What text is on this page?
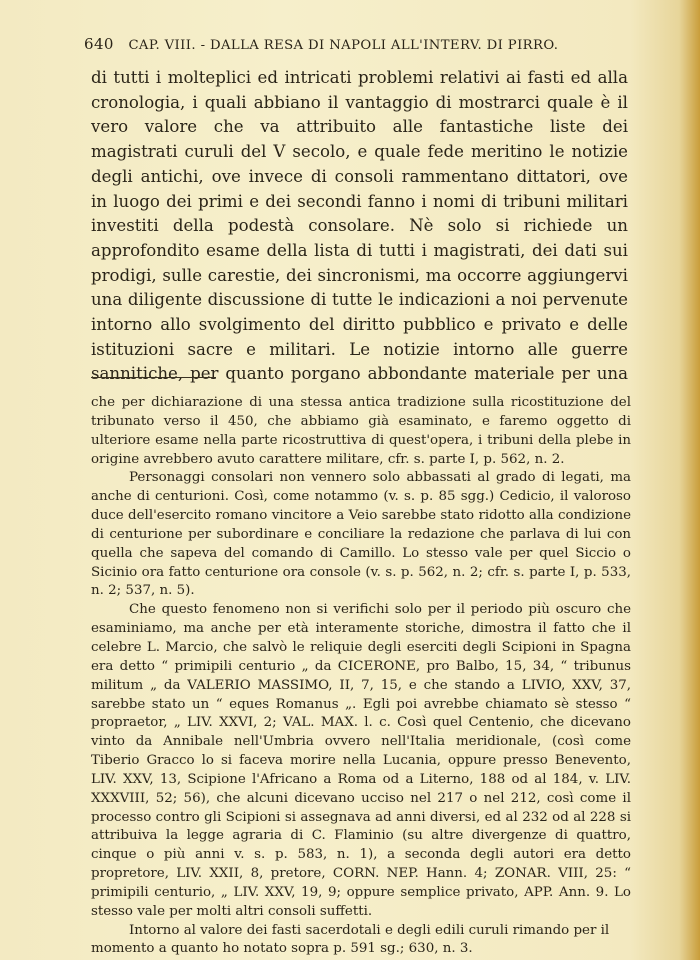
640 CAP. VIII. - DALLA RESA DI NAPOLI ALL'INTERV. DI PIRRO.

di tutti i molteplici ed intricati problemi relativi ai fasti ed alla cronologia, i quali abbiano il vantaggio di mostrarci quale è il vero valore che va attribuito alle fantastiche liste dei magistrati curuli del V secolo, e quale fede meritino le notizie degli antichi, ove invece di consoli rammentano dittatori, ove in luogo dei primi e dei secondi fanno i nomi di tribuni militari investiti della podestà consolare. Nè solo si richiede un approfondito esame della lista di tutti i magistrati, dei dati sui prodigi, sulle carestie, dei sincronismi, ma occorre aggiungervi una diligente discussione di tutte le indicazioni a noi pervenute intorno allo svolgimento del diritto pubblico e privato e delle istituzioni sacre e militari. Le notizie intorno alle guerre sannitiche, per quanto porgano abbondante materiale per una

che per dichiarazione di una stessa antica tradizione sulla ricostituzione del tribunato verso il 450, che abbiamo già esaminato, e faremo oggetto di ulteriore esame nella parte ricostruttiva di quest'opera, i tribuni della plebe in origine avrebbero avuto carattere militare, cfr. s. parte I, p. 562, n. 2.

Personaggi consolari non vennero solo abbassati al grado di legati, ma anche di centurioni. Così, come notammo (v. s. p. 85 sgg.) Cedicio, il valoroso duce dell'esercito romano vincitore a Veio sarebbe stato ridotto alla condizione di centurione per subordinare e conciliare la redazione che parlava di lui con quella che sapeva del comando di Camillo. Lo stesso vale per quel Siccio o Sicinio ora fatto centurione ora console (v. s. p. 562, n. 2; cfr. s. parte I, p. 533, n. 2; 537, n. 5).

Che questo fenomeno non si verifichi solo per il periodo più oscuro che esaminiamo, ma anche per età interamente storiche, dimostra il fatto che il celebre L. Marcio, che salvò le reliquie degli eserciti degli Scipioni in Spagna era detto “ primipili centurio „ da CICERONE, pro Balbo, 15, 34, “ tribunus militum „ da VALERIO MASSIMO, II, 7, 15, e che stando a LIVIO, XXV, 37, sarebbe stato un “ eques Romanus „. Egli poi avrebbe chiamato sè stesso “ propraetor, „ LIV. XXVI, 2; VAL. MAX. l. c. Così quel Centenio, che dicevano vinto da Annibale nell'Umbria ovvero nell'Italia meridionale, (così come Tiberio Gracco lo si faceva morire nella Lucania, oppure presso Benevento, LIV. XXV, 13, Scipione l'Africano a Roma od a Literno, 188 od al 184, v. LIV. XXXVIII, 52; 56), che alcuni dicevano ucciso nel 217 o nel 212, così come il processo contro gli Scipioni si assegnava ad anni diversi, ed al 232 od al 228 si attribuiva la legge agraria di C. Flaminio (su altre divergenze di quattro, cinque o più anni v. s. p. 583, n. 1), a seconda degli autori era detto propretore, LIV. XXII, 8, pretore, CORN. NEP. Hann. 4; ZONAR. VIII, 25: “ primipili centurio, „ LIV. XXV, 19, 9; oppure semplice privato, APP. Ann. 9. Lo stesso vale per molti altri consoli suffetti.

Intorno al valore dei fasti sacerdotali e degli edili curuli rimando per il momento a quanto ho notato sopra p. 591 sg.; 630, n. 3.
